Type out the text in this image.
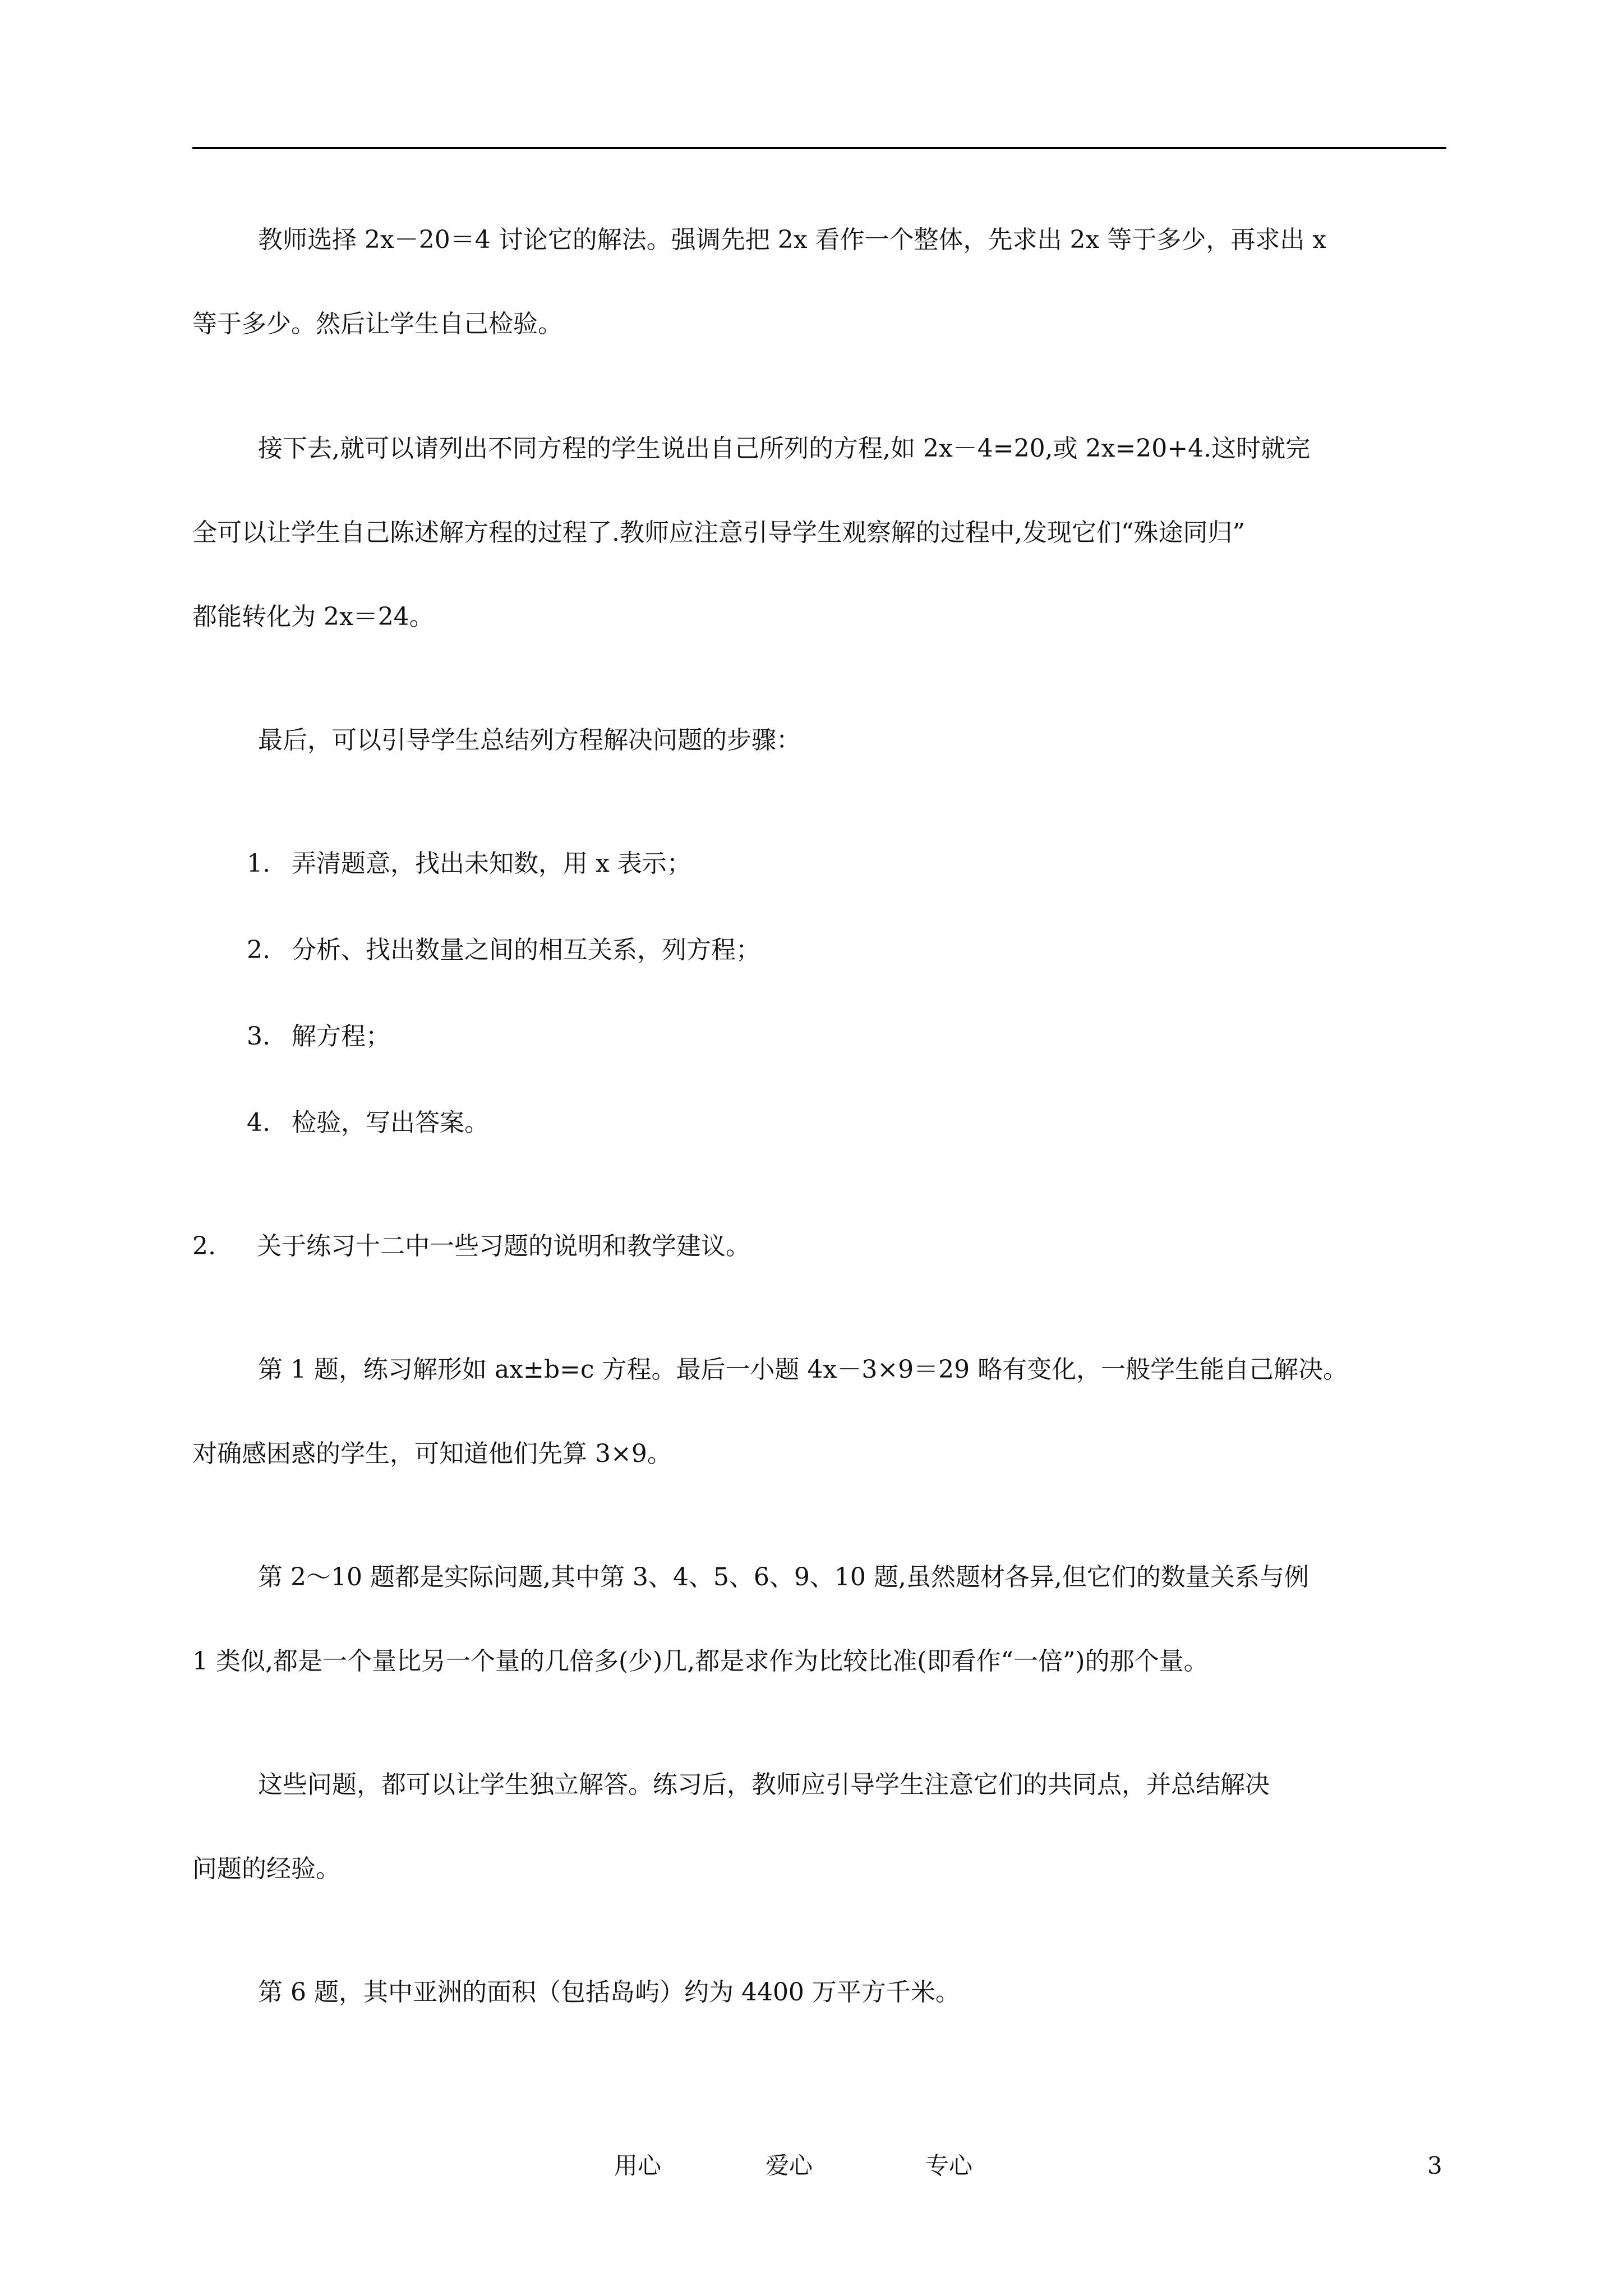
教师选择 2x－20＝4 讨论它的解法。强调先把 2x 看作一个整体，先求出 2x 等于多少，再求出 x
等于多少。然后让学生自己检验。
接下去,就可以请列出不同方程的学生说出自己所列的方程,如 2x－4=20,或 2x=20+4.这时就完
全可以让学生自己陈述解方程的过程了.教师应注意引导学生观察解的过程中,发现它们“殊途同归”
都能转化为 2x＝24。
最后，可以引导学生总结列方程解决问题的步骤：
1. 弄清题意，找出未知数，用 x 表示；
2. 分析、找出数量之间的相互关系，列方程；
3. 解方程；
4. 检验，写出答案。
2. 关于练习十二中一些习题的说明和教学建议。
第 1 题，练习解形如 ax±b=c 方程。最后一小题 4x－3×9＝29 略有变化，一般学生能自己解决。
对确感困惑的学生，可知道他们先算 3×9。
第 2～10 题都是实际问题,其中第 3、4、5、6、9、10 题,虽然题材各异,但它们的数量关系与例
1 类似,都是一个量比另一个量的几倍多(少)几,都是求作为比较比准(即看作“一倍”)的那个量。
这些问题，都可以让学生独立解答。练习后，教师应引导学生注意它们的共同点，并总结解决
问题的经验。
第 6 题，其中亚洲的面积（包括岛屿）约为 4400 万平方千米。
用心	爱心	专心	3
